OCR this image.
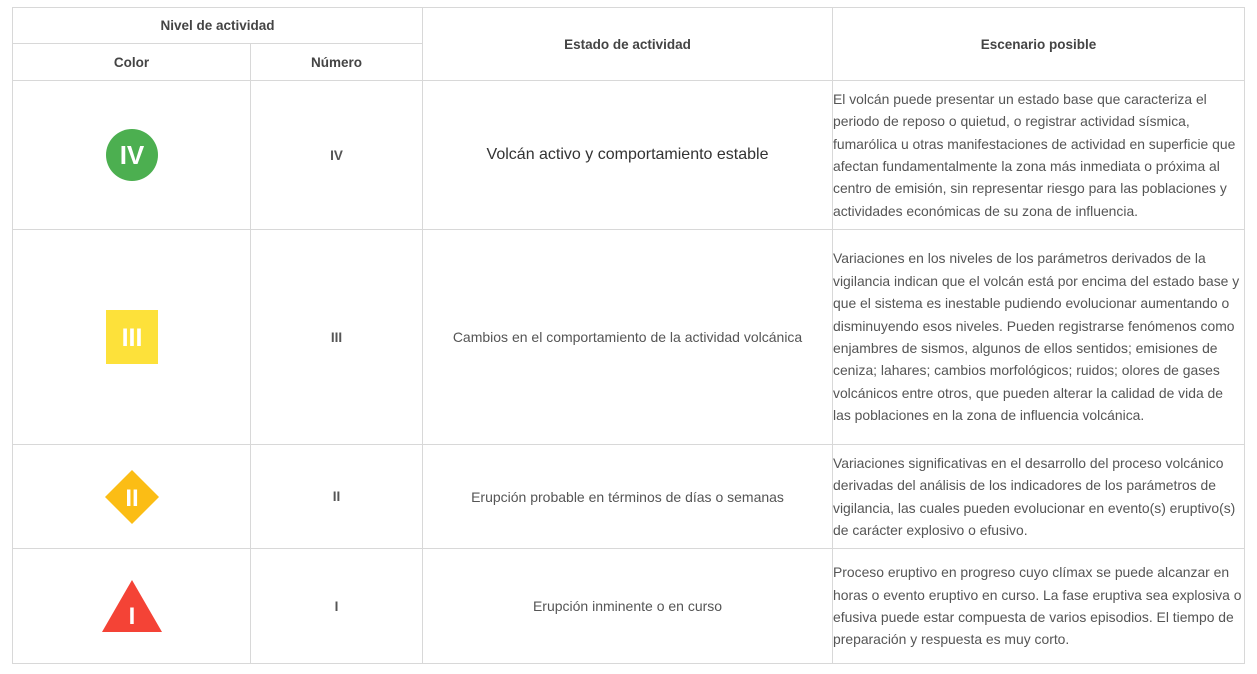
Nivel de actividad		Estado de actividad	Escenario posible
Color	Número		

IV	IV	Volcán activo y comportamiento estable	El volcán puede presentar un estado base que caracteriza el periodo de reposo o quietud, o registrar actividad sísmica, fumarólica u otras manifestaciones de actividad en superficie que afectan fundamentalmente la zona más inmediata o próxima al centro de emisión, sin representar riesgo para las poblaciones y actividades económicas de su zona de influencia.

III	III	Cambios en el comportamiento de la actividad volcánica	Variaciones en los niveles de los parámetros derivados de la vigilancia indican que el volcán está por encima del estado base y que el sistema es inestable pudiendo evolucionar aumentando o disminuyendo esos niveles. Pueden registrarse fenómenos como enjambres de sismos, algunos de ellos sentidos; emisiones de ceniza; lahares; cambios morfológicos; ruidos; olores de gases volcánicos entre otros, que pueden alterar la calidad de vida de las poblaciones en la zona de influencia volcánica.

II	II	Erupción probable en términos de días o semanas	Variaciones significativas en el desarrollo del proceso volcánico derivadas del análisis de los indicadores de los parámetros de vigilancia, las cuales pueden evolucionar en evento(s) eruptivo(s) de carácter explosivo o efusivo.

I	I	Erupción inminente o en curso	Proceso eruptivo en progreso cuyo clímax se puede alcanzar en horas o evento eruptivo en curso. La fase eruptiva sea explosiva o efusiva puede estar compuesta de varios episodios. El tiempo de preparación y respuesta es muy corto.
